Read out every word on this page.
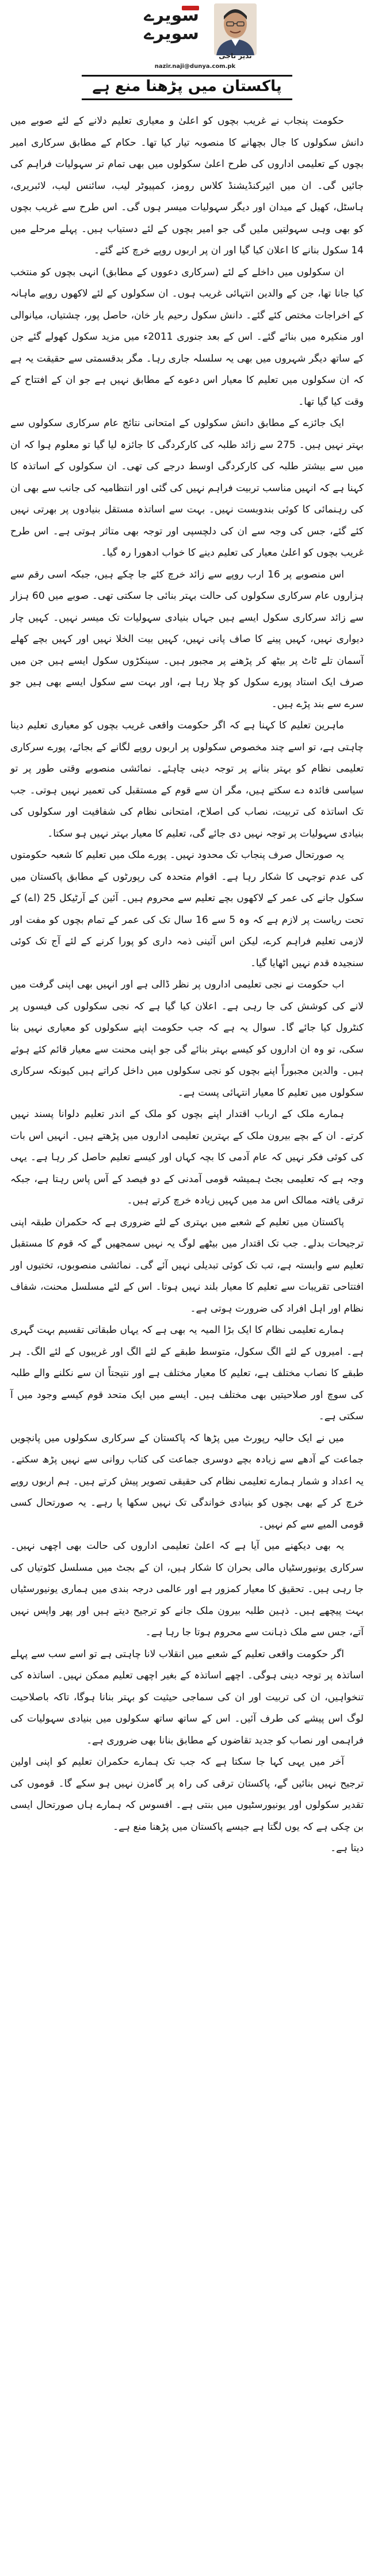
سویرے
سویرے
نذیر ناجی
nazir.naji@dunya.com.pk
پاکستان میں پڑھنا منع ہے

حکومت پنجاب نے غریب بچوں کو اعلیٰ و معیاری تعلیم دلانے کے لئے صوبے میں دانش سکولوں کا جال بچھانے کا منصوبہ تیار کیا تھا۔ حکام کے مطابق سرکاری امیر بچوں کے تعلیمی اداروں کی طرح اعلیٰ سکولوں میں بھی تمام تر سہولیات فراہم کی جائیں گی۔ ان میں ائیرکنڈیشنڈ کلاس رومز، کمپیوٹر لیب، سائنس لیب، لائبریری، ہاسٹل، کھیل کے میدان اور دیگر سہولیات میسر ہوں گی۔ اس طرح سے غریب بچوں کو بھی وہی سہولتیں ملیں گی جو امیر بچوں کے لئے دستیاب ہیں۔ پہلے مرحلے میں 14 سکول بنانے کا اعلان کیا گیا اور ان پر اربوں روپے خرچ کئے گئے۔

ان سکولوں میں داخلے کے لئے (سرکاری دعووں کے مطابق) انہی بچوں کو منتخب کیا جانا تھا، جن کے والدین انتہائی غریب ہوں۔ ان سکولوں کے لئے لاکھوں روپے ماہانہ کے اخراجات مختص کئے گئے۔ دانش سکول رحیم یار خان، حاصل پور، چشتیاں، میانوالی اور منکیرہ میں بنائے گئے۔ اس کے بعد جنوری 2011ء میں مزید سکول کھولے گئے جن کے ساتھ دیگر شہروں میں بھی یہ سلسلہ جاری رہا۔ مگر بدقسمتی سے حقیقت یہ ہے کہ ان سکولوں میں تعلیم کا معیار اس دعوے کے مطابق نہیں ہے جو ان کے افتتاح کے وقت کیا گیا تھا۔

ایک جائزے کے مطابق دانش سکولوں کے امتحانی نتائج عام سرکاری سکولوں سے بہتر نہیں ہیں۔ 275 سے زائد طلبہ کی کارکردگی کا جائزہ لیا گیا تو معلوم ہوا کہ ان میں سے بیشتر طلبہ کی کارکردگی اوسط درجے کی تھی۔ ان سکولوں کے اساتذہ کا کہنا ہے کہ انہیں مناسب تربیت فراہم نہیں کی گئی اور انتظامیہ کی جانب سے بھی ان کی رہنمائی کا کوئی بندوبست نہیں۔ بہت سے اساتذہ مستقل بنیادوں پر بھرتی نہیں کئے گئے، جس کی وجہ سے ان کی دلچسپی اور توجہ بھی متاثر ہوتی ہے۔ اس طرح غریب بچوں کو اعلیٰ معیار کی تعلیم دینے کا خواب ادھورا رہ گیا۔

اس منصوبے پر 16 ارب روپے سے زائد خرچ کئے جا چکے ہیں، جبکہ اسی رقم سے ہزاروں عام سرکاری سکولوں کی حالت بہتر بنائی جا سکتی تھی۔ صوبے میں 60 ہزار سے زائد سرکاری سکول ایسے ہیں جہاں بنیادی سہولیات تک میسر نہیں۔ کہیں چار دیواری نہیں، کہیں پینے کا صاف پانی نہیں، کہیں بیت الخلا نہیں اور کہیں بچے کھلے آسمان تلے ٹاٹ پر بیٹھ کر پڑھنے پر مجبور ہیں۔ سینکڑوں سکول ایسے ہیں جن میں صرف ایک استاد پورے سکول کو چلا رہا ہے، اور بہت سے سکول ایسے بھی ہیں جو سرے سے بند پڑے ہیں۔

ماہرین تعلیم کا کہنا ہے کہ اگر حکومت واقعی غریب بچوں کو معیاری تعلیم دینا چاہتی ہے، تو اسے چند مخصوص سکولوں پر اربوں روپے لگانے کے بجائے، پورے سرکاری تعلیمی نظام کو بہتر بنانے پر توجہ دینی چاہئے۔ نمائشی منصوبے وقتی طور پر تو سیاسی فائدہ دے سکتے ہیں، مگر ان سے قوم کے مستقبل کی تعمیر نہیں ہوتی۔ جب تک اساتذہ کی تربیت، نصاب کی اصلاح، امتحانی نظام کی شفافیت اور سکولوں کی بنیادی سہولیات پر توجہ نہیں دی جائے گی، تعلیم کا معیار بہتر نہیں ہو سکتا۔

یہ صورتحال صرف پنجاب تک محدود نہیں۔ پورے ملک میں تعلیم کا شعبہ حکومتوں کی عدم توجہی کا شکار رہا ہے۔ اقوام متحدہ کی رپورٹوں کے مطابق پاکستان میں سکول جانے کی عمر کے لاکھوں بچے تعلیم سے محروم ہیں۔ آئین کے آرٹیکل 25 (اے) کے تحت ریاست پر لازم ہے کہ وہ 5 سے 16 سال تک کی عمر کے تمام بچوں کو مفت اور لازمی تعلیم فراہم کرے، لیکن اس آئینی ذمہ داری کو پورا کرنے کے لئے آج تک کوئی سنجیدہ قدم نہیں اٹھایا گیا۔

اب حکومت نے نجی تعلیمی اداروں پر نظر ڈالی ہے اور انہیں بھی اپنی گرفت میں لانے کی کوشش کی جا رہی ہے۔ اعلان کیا گیا ہے کہ نجی سکولوں کی فیسوں پر کنٹرول کیا جائے گا۔ سوال یہ ہے کہ جب حکومت اپنے سکولوں کو معیاری نہیں بنا سکی، تو وہ ان اداروں کو کیسے بہتر بنائے گی جو اپنی محنت سے معیار قائم کئے ہوئے ہیں۔ والدین مجبوراً اپنے بچوں کو نجی سکولوں میں داخل کراتے ہیں کیونکہ سرکاری سکولوں میں تعلیم کا معیار انتہائی پست ہے۔

ہمارے ملک کے ارباب اقتدار اپنے بچوں کو ملک کے اندر تعلیم دلوانا پسند نہیں کرتے۔ ان کے بچے بیرون ملک کے بہترین تعلیمی اداروں میں پڑھتے ہیں۔ انہیں اس بات کی کوئی فکر نہیں کہ عام آدمی کا بچہ کہاں اور کیسے تعلیم حاصل کر رہا ہے۔ یہی وجہ ہے کہ تعلیمی بجٹ ہمیشہ قومی آمدنی کے دو فیصد کے آس پاس رہتا ہے، جبکہ ترقی یافتہ ممالک اس مد میں کہیں زیادہ خرچ کرتے ہیں۔

پاکستان میں تعلیم کے شعبے میں بہتری کے لئے ضروری ہے کہ حکمران طبقہ اپنی ترجیحات بدلے۔ جب تک اقتدار میں بیٹھے لوگ یہ نہیں سمجھیں گے کہ قوم کا مستقبل تعلیم سے وابستہ ہے، تب تک کوئی تبدیلی نہیں آئے گی۔ نمائشی منصوبوں، تختیوں اور افتتاحی تقریبات سے تعلیم کا معیار بلند نہیں ہوتا۔ اس کے لئے مسلسل محنت، شفاف نظام اور اہل افراد کی ضرورت ہوتی ہے۔

ہمارے تعلیمی نظام کا ایک بڑا المیہ یہ بھی ہے کہ یہاں طبقاتی تقسیم بہت گہری ہے۔ امیروں کے لئے الگ سکول، متوسط طبقے کے لئے الگ اور غریبوں کے لئے الگ۔ ہر طبقے کا نصاب مختلف ہے، تعلیم کا معیار مختلف ہے اور نتیجتاً ان سے نکلنے والے طلبہ کی سوچ اور صلاحیتیں بھی مختلف ہیں۔ ایسے میں ایک متحد قوم کیسے وجود میں آ سکتی ہے۔

میں نے ایک حالیہ رپورٹ میں پڑھا کہ پاکستان کے سرکاری سکولوں میں پانچویں جماعت کے آدھے سے زیادہ بچے دوسری جماعت کی کتاب روانی سے نہیں پڑھ سکتے۔ یہ اعداد و شمار ہمارے تعلیمی نظام کی حقیقی تصویر پیش کرتے ہیں۔ ہم اربوں روپے خرچ کر کے بھی بچوں کو بنیادی خواندگی تک نہیں سکھا پا رہے۔ یہ صورتحال کسی قومی المیے سے کم نہیں۔

یہ بھی دیکھنے میں آیا ہے کہ اعلیٰ تعلیمی اداروں کی حالت بھی اچھی نہیں۔ سرکاری یونیورسٹیاں مالی بحران کا شکار ہیں، ان کے بجٹ میں مسلسل کٹوتیاں کی جا رہی ہیں۔ تحقیق کا معیار کمزور ہے اور عالمی درجہ بندی میں ہماری یونیورسٹیاں بہت پیچھے ہیں۔ ذہین طلبہ بیرون ملک جانے کو ترجیح دیتے ہیں اور پھر واپس نہیں آتے، جس سے ملک ذہانت سے محروم ہوتا جا رہا ہے۔

اگر حکومت واقعی تعلیم کے شعبے میں انقلاب لانا چاہتی ہے تو اسے سب سے پہلے اساتذہ پر توجہ دینی ہوگی۔ اچھے اساتذہ کے بغیر اچھی تعلیم ممکن نہیں۔ اساتذہ کی تنخواہیں، ان کی تربیت اور ان کی سماجی حیثیت کو بہتر بنانا ہوگا، تاکہ باصلاحیت لوگ اس پیشے کی طرف آئیں۔ اس کے ساتھ ساتھ سکولوں میں بنیادی سہولیات کی فراہمی اور نصاب کو جدید تقاضوں کے مطابق بنانا بھی ضروری ہے۔

آخر میں یہی کہا جا سکتا ہے کہ جب تک ہمارے حکمران تعلیم کو اپنی اولین ترجیح نہیں بنائیں گے، پاکستان ترقی کی راہ پر گامزن نہیں ہو سکے گا۔ قوموں کی تقدیر سکولوں اور یونیورسٹیوں میں بنتی ہے۔ افسوس کہ ہمارے ہاں صورتحال ایسی بن چکی ہے کہ یوں لگتا ہے جیسے پاکستان میں پڑھنا منع ہے۔

دیتا ہے۔
